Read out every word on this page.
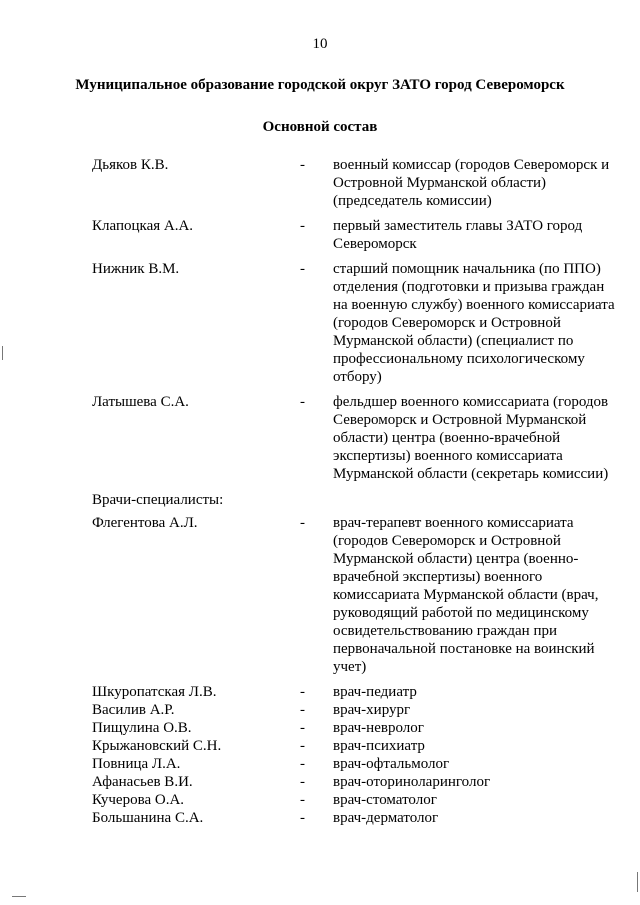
10
Муниципальное образование городской округ ЗАТО город Североморск
Основной состав
Дьяков К.В.	- военный комиссар (городов Североморск и Островной Мурманской области) (председатель комиссии)
Клапоцкая А.А.	- первый заместитель главы ЗАТО город Североморск
Нижник В.М.	- старший помощник начальника (по ППО) отделения (подготовки и призыва граждан на военную службу) военного комиссариата (городов Североморск и Островной Мурманской области) (специалист по профессиональному психологическому отбору)
Латышева С.А.	- фельдшер военного комиссариата (городов Североморск и Островной Мурманской области) центра (военно-врачебной экспертизы) военного комиссариата Мурманской области (секретарь комиссии)
Врачи-специалисты:
Флегентова А.Л.	- врач-терапевт военного комиссариата (городов Североморск и Островной Мурманской области) центра (военно-врачебной экспертизы) военного комиссариата Мурманской области (врач, руководящий работой по медицинскому освидетельствованию граждан при первоначальной постановке на воинский учет)
Шкуропатская Л.В.	- врач-педиатр
Василив А.Р.	- врач-хирург
Пищулина О.В.	- врач-невролог
Крыжановский С.Н.	- врач-психиатр
Повница Л.А.	- врач-офтальмолог
Афанасьев В.И.	- врач-оториноларинголог
Кучерова О.А.	- врач-стоматолог
Большанина С.А.	- врач-дерматолог
